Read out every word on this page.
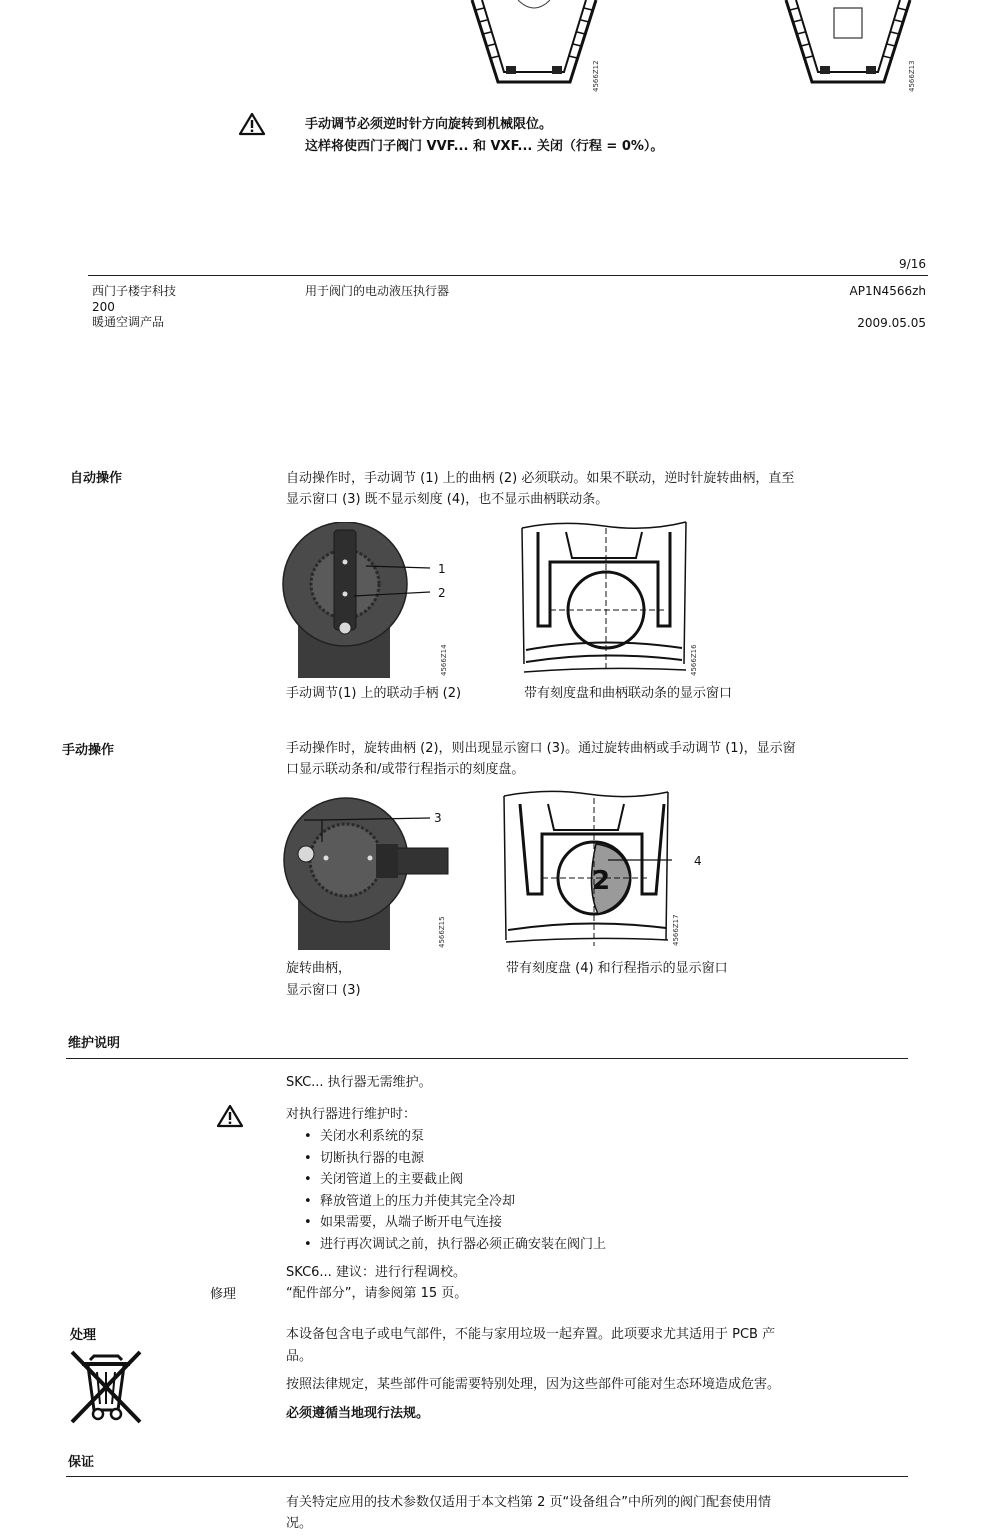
4566Z12	4566Z13
手动调节必须逆时针方向旋转到机械限位。
这样将使西门子阀门 VVF... 和 VXF... 关闭（行程 = 0%）。
9/16
西门子楼宇科技
200
暖通空调产品
用于阀门的电动液压执行器	AP1N4566zh
2009.05.05
自动操作	自动操作时，手动调节 (1) 上的曲柄 (2) 必须联动。如果不联动，逆时针旋转曲柄，直至
显示窗口 (3) 既不显示刻度 (4)，也不显示曲柄联动条。
1
2
4566Z14	4566Z16
手动调节(1) 上的联动手柄 (2)	带有刻度盘和曲柄联动条的显示窗口
手动操作	手动操作时，旋转曲柄 (2)，则出现显示窗口 (3)。通过旋转曲柄或手动调节 (1)，显示窗
口显示联动条和/或带行程指示的刻度盘。
3
4566Z15
2
4
4566Z17
旋转曲柄，
显示窗口 (3)
带有刻度盘 (4) 和行程指示的显示窗口
维护说明
SKC... 执行器无需维护。
对执行器进行维护时：
• 关闭水利系统的泵
• 切断执行器的电源
• 关闭管道上的主要截止阀
• 释放管道上的压力并使其完全冷却
• 如果需要，从端子断开电气连接
• 进行再次调试之前，执行器必须正确安装在阀门上
SKC6... 建议：进行行程调校。
修理	“配件部分”，请参阅第 15 页。
处理	本设备包含电子或电气部件，不能与家用垃圾一起弃置。此项要求尤其适用于 PCB 产
品。
按照法律规定，某些部件可能需要特别处理，因为这些部件可能对生态环境造成危害。
必须遵循当地现行法规。
保证
有关特定应用的技术参数仅适用于本文档第 2 页“设备组合”中所列的阀门配套使用情
况。
